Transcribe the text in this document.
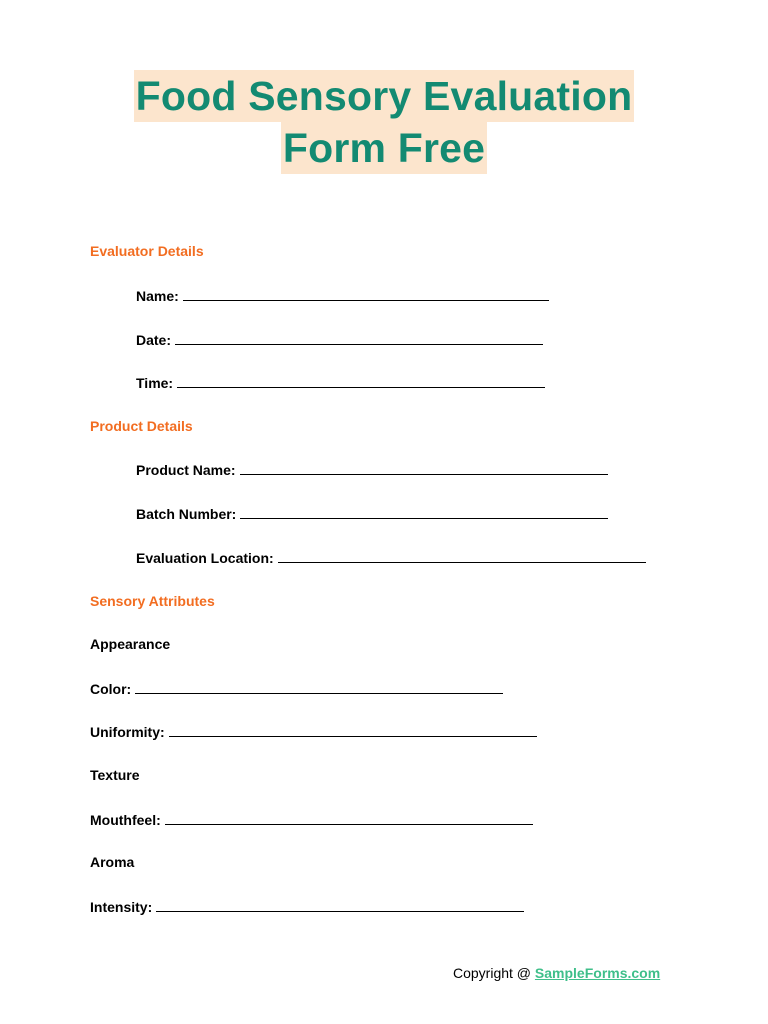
Food Sensory Evaluation
Form Free
Evaluator Details
Name:
Date:
Time:
Product Details
Product Name:
Batch Number:
Evaluation Location:
Sensory Attributes
Appearance
Color:
Uniformity:
Texture
Mouthfeel:
Aroma
Intensity:
Copyright @ SampleForms.com
